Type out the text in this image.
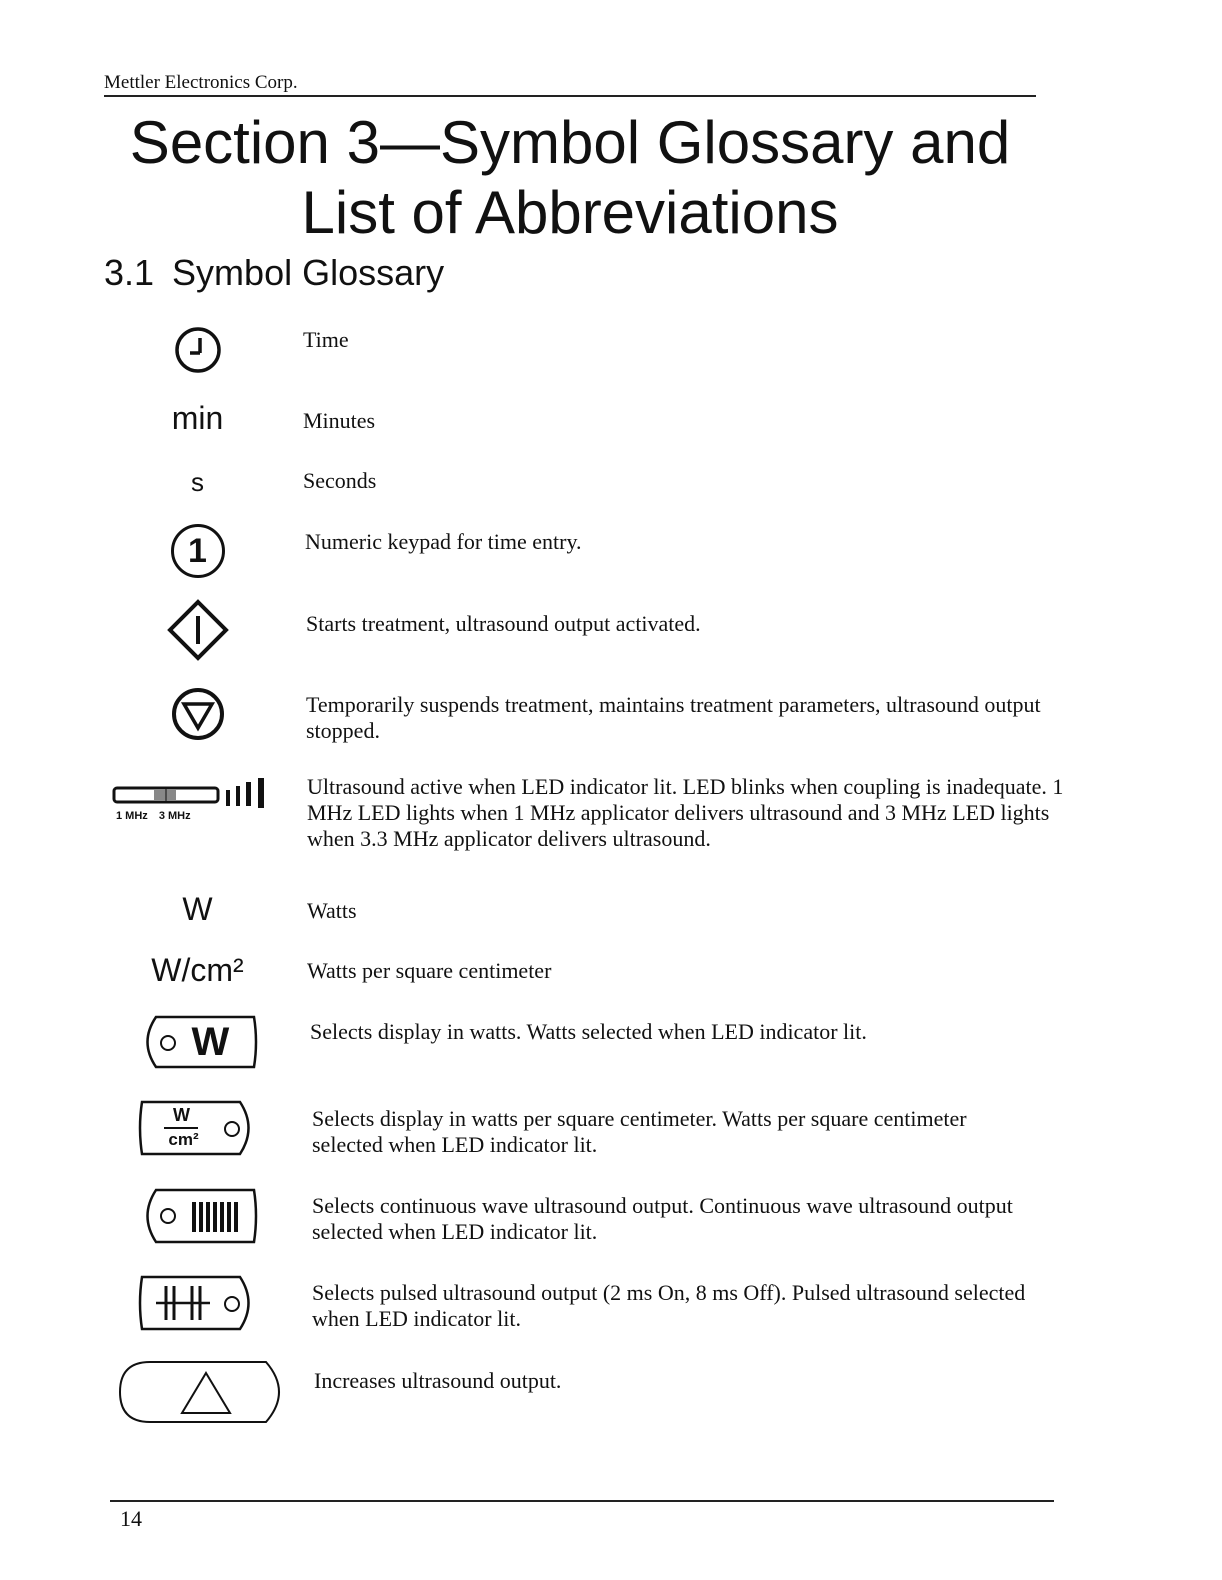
Mettler Electronics Corp.
Section 3—Symbol Glossary and
List of Abbreviations
3.1 Symbol Glossary
Time
min	Minutes
s	Seconds
1	Numeric keypad for time entry.
Starts treatment, ultrasound output activated.
Temporarily suspends treatment, maintains treatment parameters, ultrasound output stopped.
1 MHz 3 MHz
Ultrasound active when LED indicator lit. LED blinks when coupling is inadequate. 1 MHz LED lights when 1 MHz applicator delivers ultrasound and 3 MHz LED lights when 3.3 MHz applicator delivers ultrasound.
W	Watts
W/cm²	Watts per square centimeter
W	Selects display in watts. Watts selected when LED indicator lit.
W
cm²
Selects display in watts per square centimeter. Watts per square centimeter selected when LED indicator lit.
Selects continuous wave ultrasound output. Continuous wave ultrasound output selected when LED indicator lit.
Selects pulsed ultrasound output (2 ms On, 8 ms Off). Pulsed ultrasound selected when LED indicator lit.
Increases ultrasound output.
14
